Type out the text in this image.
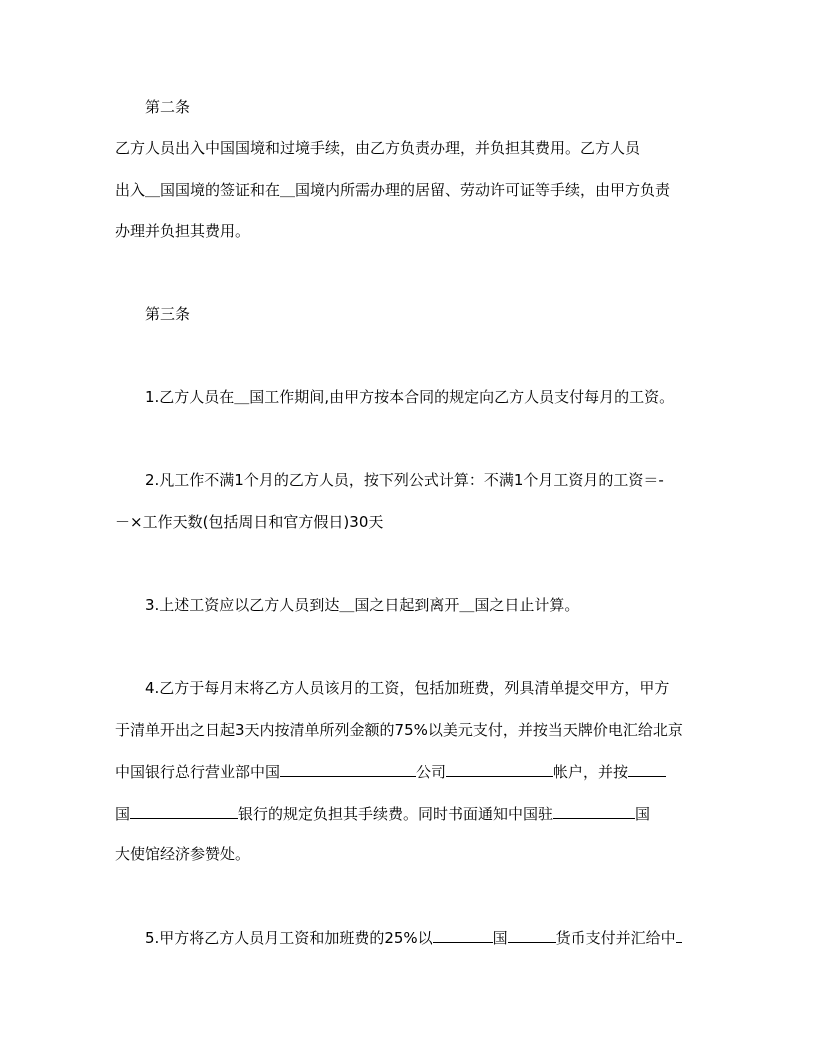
第二条
乙方人员出入中国国境和过境手续，由乙方负责办理，并负担其费用。乙方人员
出入＿国国境的签证和在＿国境内所需办理的居留、劳动许可证等手续，由甲方负责
办理并负担其费用。
第三条
1.乙方人员在＿国工作期间,由甲方按本合同的规定向乙方人员支付每月的工资。
2.凡工作不满1个月的乙方人员，按下列公式计算：不满1个月工资月的工资＝-
－×工作天数(包括周日和官方假日)30天
3.上述工资应以乙方人员到达＿国之日起到离开＿国之日止计算。
4.乙方于每月末将乙方人员该月的工资，包括加班费，列具清单提交甲方，甲方
于清单开出之日起3天内按清单所列金额的75%以美元支付，并按当天牌价电汇给北京
中国银行总行营业部中国	公司	帐户，并按
国	银行的规定负担其手续费。同时书面通知中国驻	国
大使馆经济参赞处。
5.甲方将乙方人员月工资和加班费的25%以	国	货币支付并汇给中
